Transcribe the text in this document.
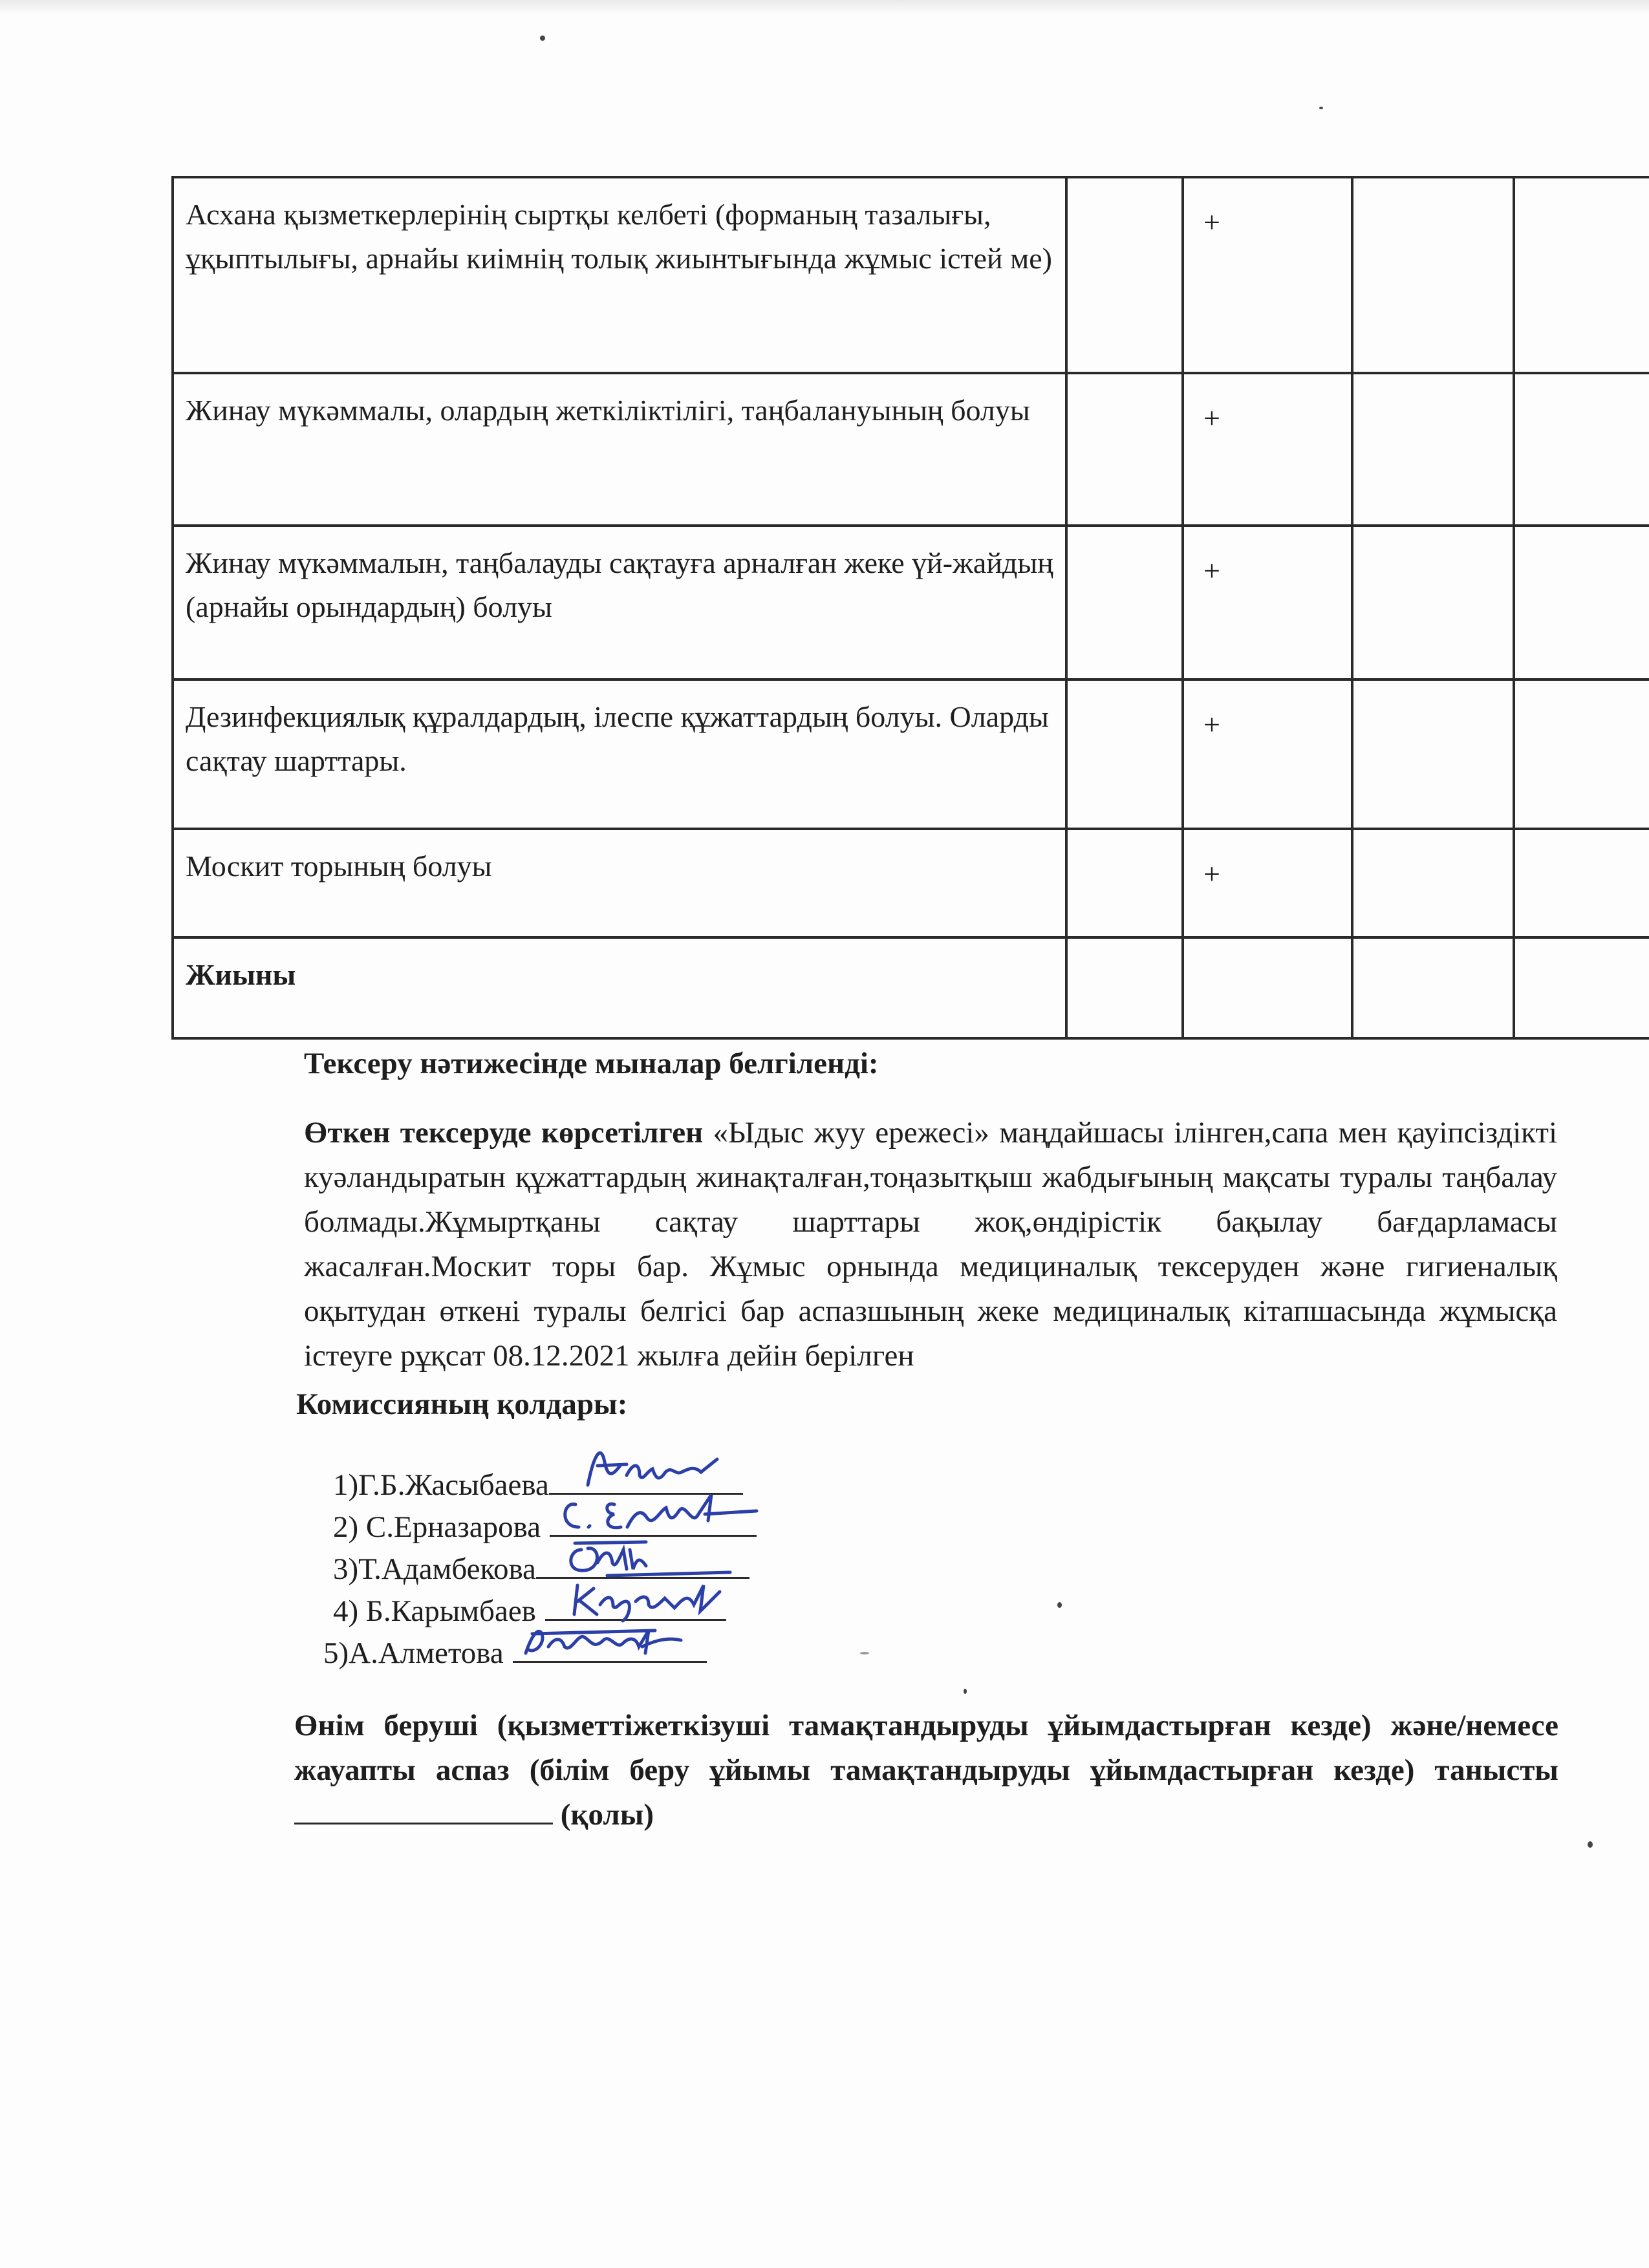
Асхана қызметкерлерінің сыртқы келбеті (форманың тазалығы, ұқыптылығы, арнайы киімнің толық жиынтығында жұмыс істей ме)		+		
Жинау мүкәммалы, олардың жеткіліктілігі, таңбалануының болуы		+		
Жинау мүкәммалын, таңбалауды сақтауға арналған жеке үй-жайдың (арнайы орындардың) болуы		+		
Дезинфекциялық құралдардың, ілеспе құжаттардың болуы. Оларды сақтау шарттары.		+		
Москит торының болуы		+		
Жиыны				
Тексеру нәтижесінде мыналар белгіленді:
Өткен тексеруде көрсетілген «Ыдыс жуу ережесі» маңдайшасы ілінген,сапа мен қауіпсіздікті куәландыратын құжаттардың жинақталған,тоңазытқыш жабдығының мақсаты туралы таңбалау болмады.Жұмыртқаны сақтау шарттары жоқ,өндірістік бақылау бағдарламасы жасалған.Москит торы бар. Жұмыс орнында медициналық тексеруден және гигиеналық оқытудан өткені туралы белгісі бар аспазшының жеке медициналық кітапшасында жұмысқа істеуге рұқсат 08.12.2021 жылға дейін берілген
Комиссияның қолдары:
1)Г.Б.Жасыбаева
2) С.Ерназарова
3)Т.Адамбекова
4) Б.Карымбаев
5)А.Алметова
Өнім беруші (қызметтіжеткізуші тамақтандыруды ұйымдастырған кезде) және/немесе жауапты аспаз (білім беру ұйымы тамақтандыруды ұйымдастырған кезде) танысты  (қолы)
